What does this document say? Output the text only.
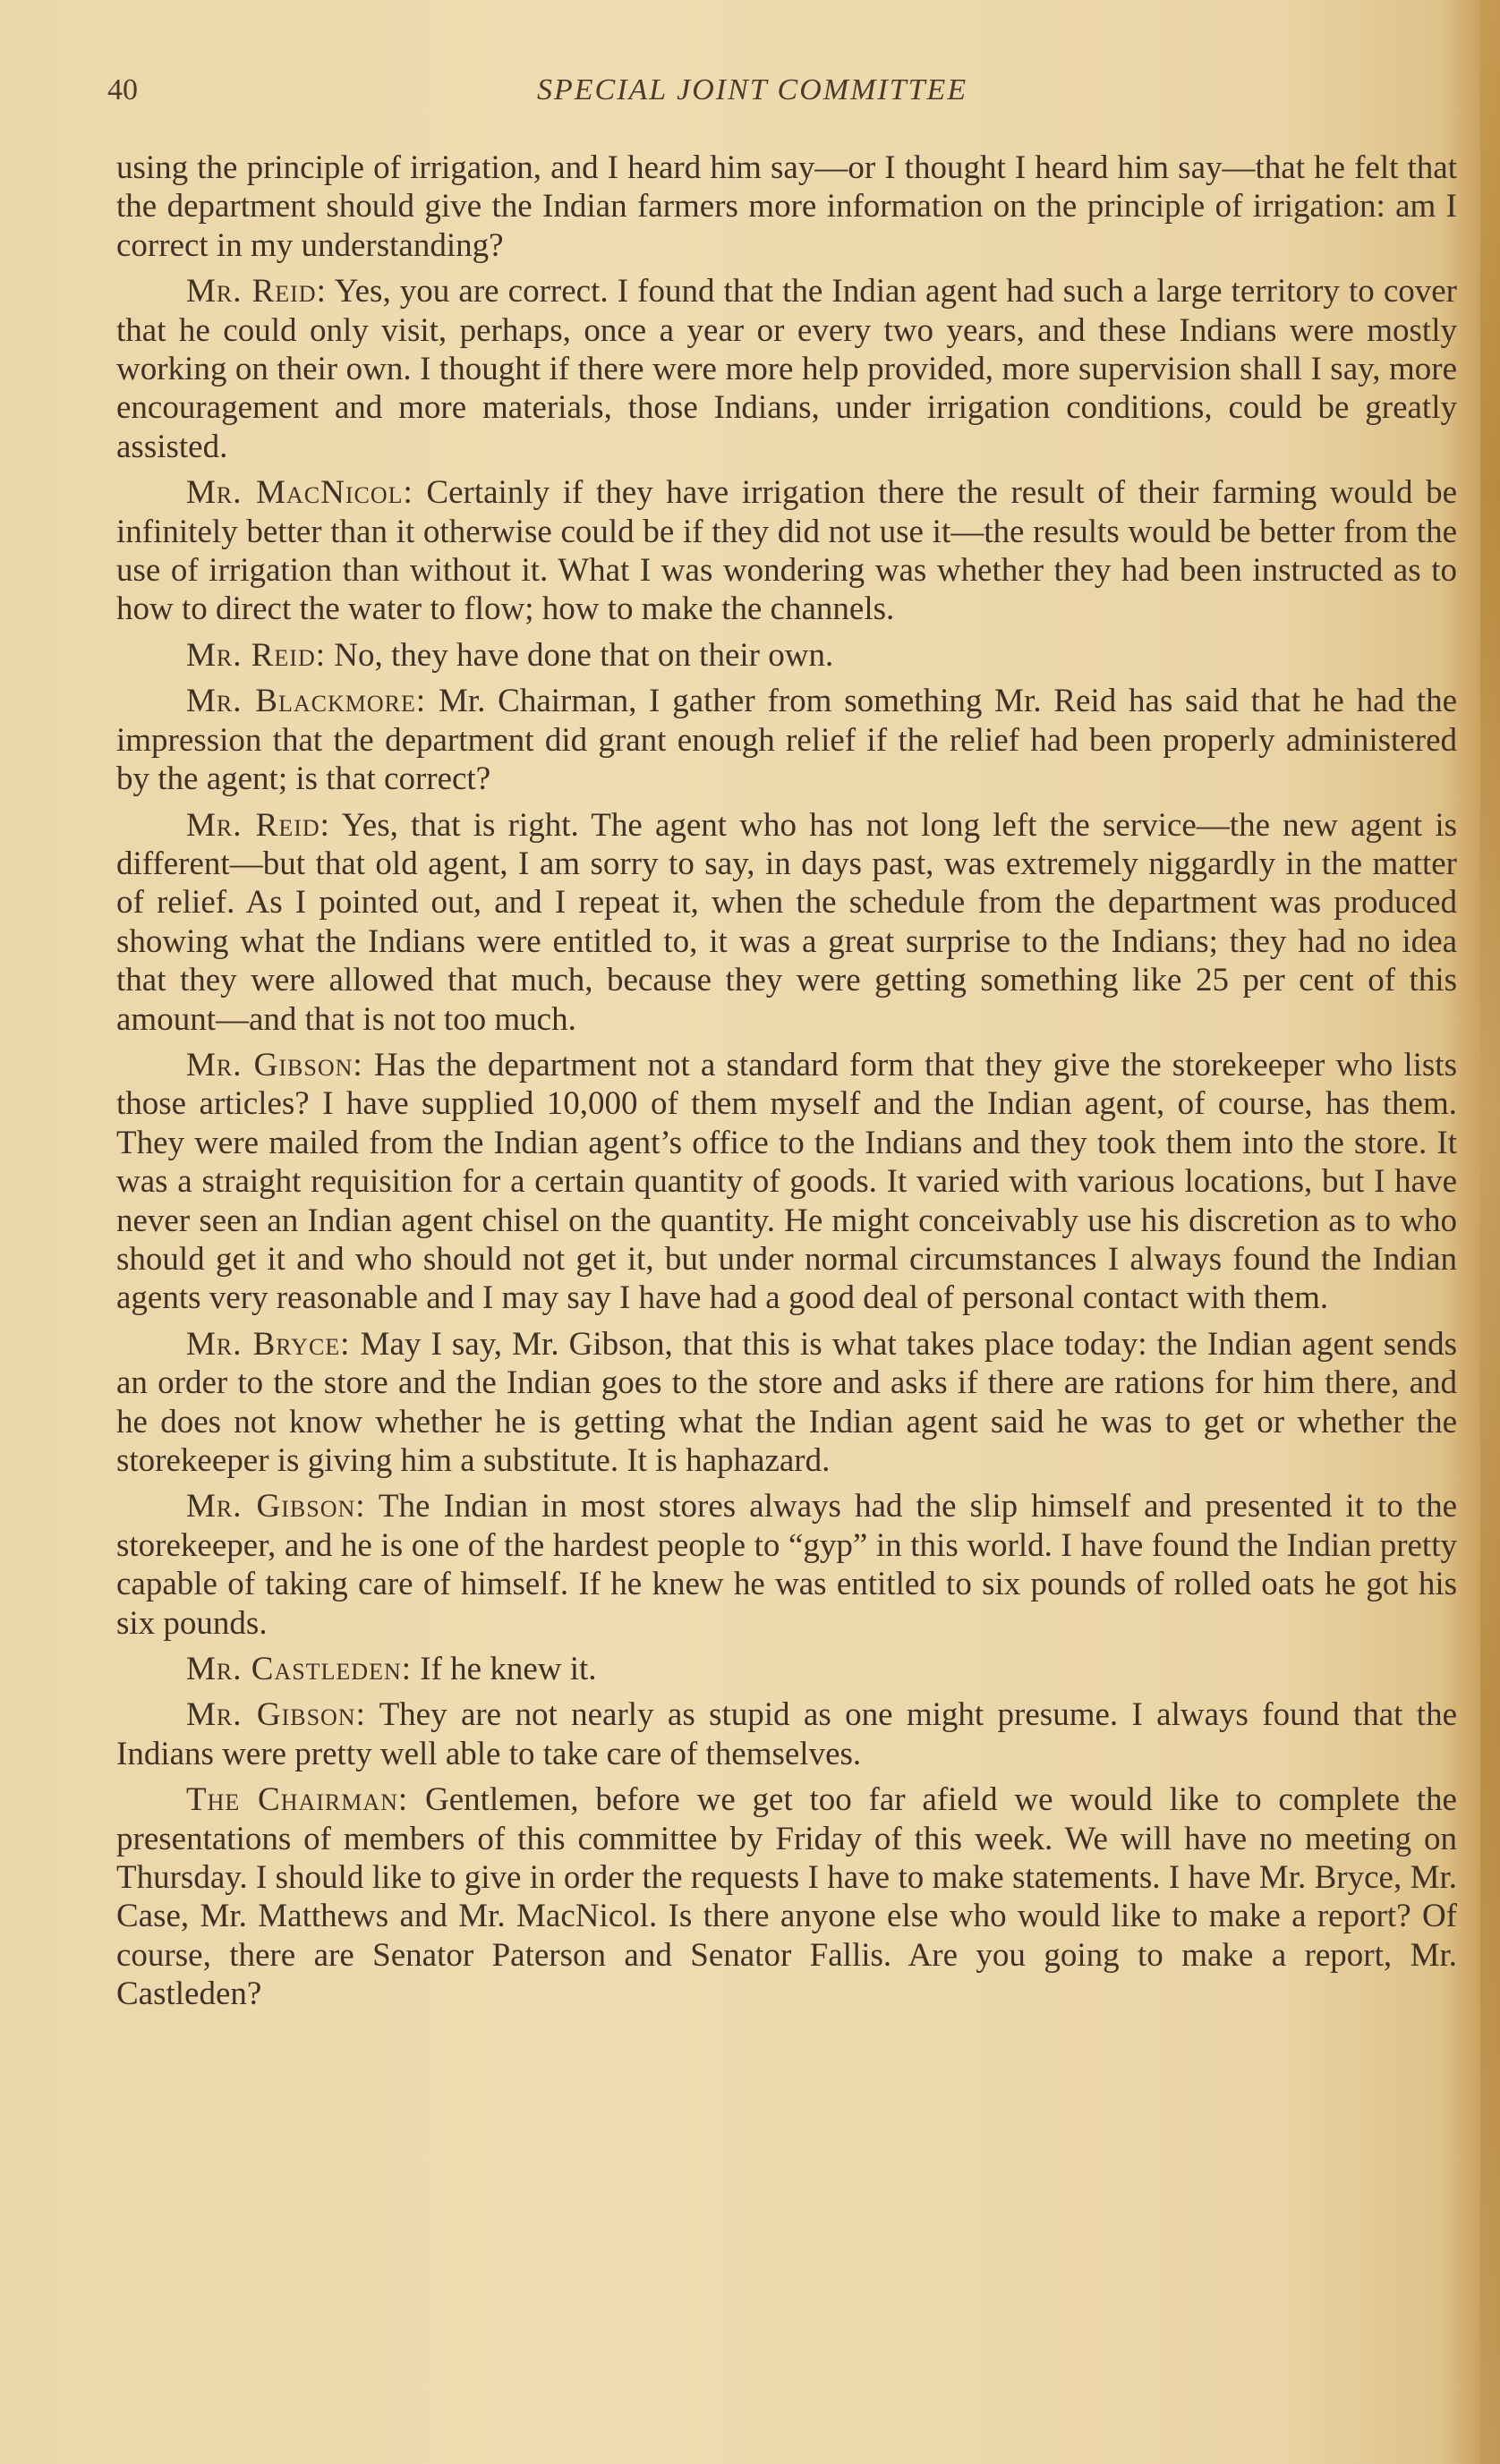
40	SPECIAL JOINT COMMITTEE

using the principle of irrigation, and I heard him say—or I thought I heard him say—that he felt that the department should give the Indian farmers more information on the principle of irrigation: am I correct in my understanding?

Mr. Reid: Yes, you are correct. I found that the Indian agent had such a large territory to cover that he could only visit, perhaps, once a year or every two years, and these Indians were mostly working on their own. I thought if there were more help provided, more supervision shall I say, more encouragement and more materials, those Indians, under irrigation conditions, could be greatly assisted.

Mr. MacNicol: Certainly if they have irrigation there the result of their farming would be infinitely better than it otherwise could be if they did not use it—the results would be better from the use of irrigation than without it. What I was wondering was whether they had been instructed as to how to direct the water to flow; how to make the channels.

Mr. Reid: No, they have done that on their own.

Mr. Blackmore: Mr. Chairman, I gather from something Mr. Reid has said that he had the impression that the department did grant enough relief if the relief had been properly administered by the agent; is that correct?

Mr. Reid: Yes, that is right. The agent who has not long left the service—the new agent is different—but that old agent, I am sorry to say, in days past, was extremely niggardly in the matter of relief. As I pointed out, and I repeat it, when the schedule from the department was produced showing what the Indians were entitled to, it was a great surprise to the Indians; they had no idea that they were allowed that much, because they were getting something like 25 per cent of this amount—and that is not too much.

Mr. Gibson: Has the department not a standard form that they give the storekeeper who lists those articles? I have supplied 10,000 of them myself and the Indian agent, of course, has them. They were mailed from the Indian agent’s office to the Indians and they took them into the store. It was a straight requisition for a certain quantity of goods. It varied with various locations, but I have never seen an Indian agent chisel on the quantity. He might conceivably use his discretion as to who should get it and who should not get it, but under normal circumstances I always found the Indian agents very reasonable and I may say I have had a good deal of personal contact with them.

Mr. Bryce: May I say, Mr. Gibson, that this is what takes place today: the Indian agent sends an order to the store and the Indian goes to the store and asks if there are rations for him there, and he does not know whether he is getting what the Indian agent said he was to get or whether the storekeeper is giving him a substitute. It is haphazard.

Mr. Gibson: The Indian in most stores always had the slip himself and presented it to the storekeeper, and he is one of the hardest people to “gyp” in this world. I have found the Indian pretty capable of taking care of himself. If he knew he was entitled to six pounds of rolled oats he got his six pounds.

Mr. Castleden: If he knew it.

Mr. Gibson: They are not nearly as stupid as one might presume. I always found that the Indians were pretty well able to take care of themselves.

The Chairman: Gentlemen, before we get too far afield we would like to complete the presentations of members of this committee by Friday of this week. We will have no meeting on Thursday. I should like to give in order the requests I have to make statements. I have Mr. Bryce, Mr. Case, Mr. Matthews and Mr. MacNicol. Is there anyone else who would like to make a report? Of course, there are Senator Paterson and Senator Fallis. Are you going to make a report, Mr. Castleden?
